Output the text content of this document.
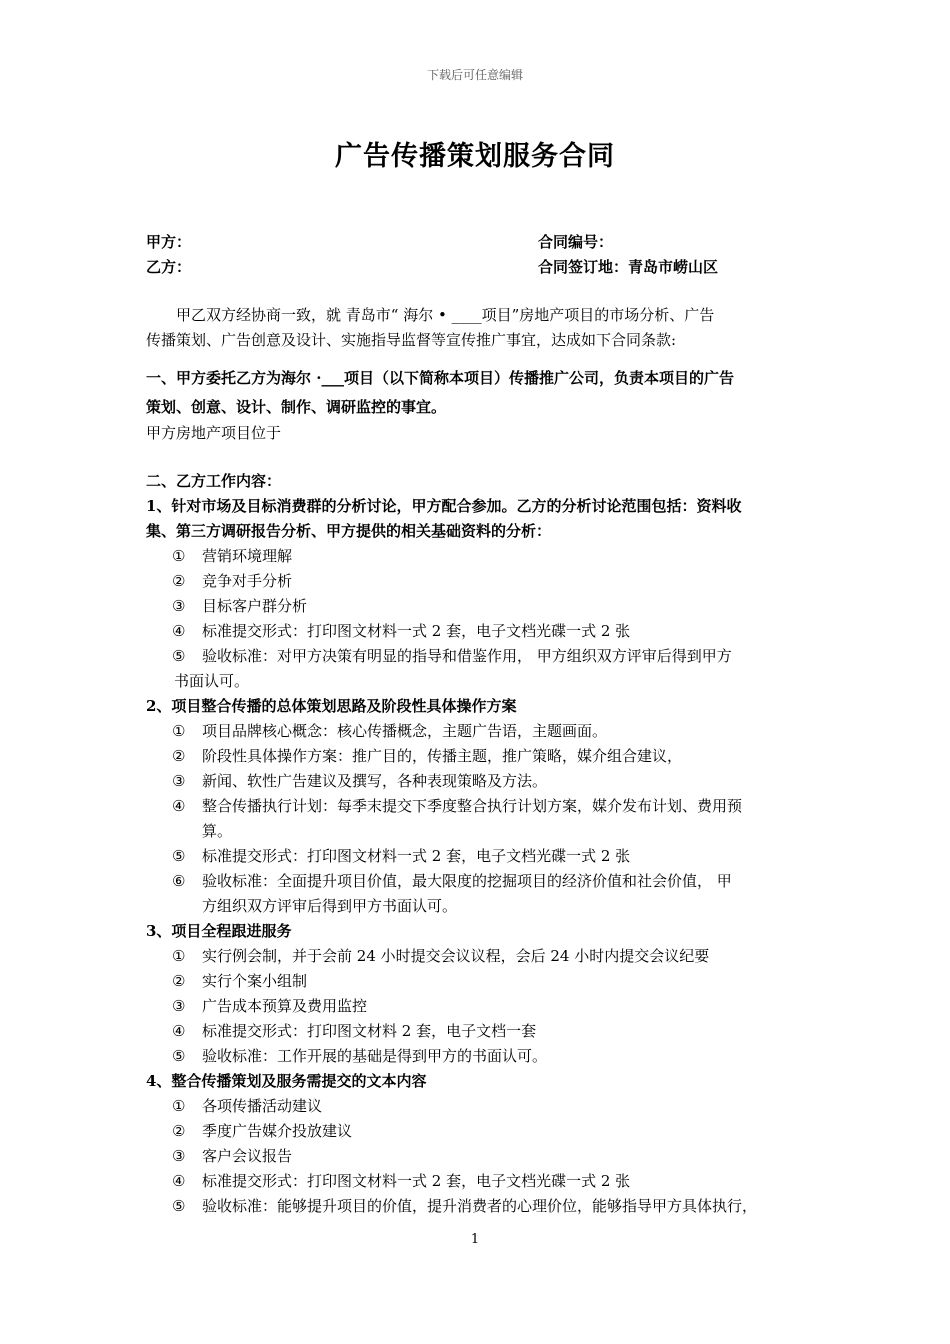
下载后可任意编辑
广告传播策划服务合同
甲方：	合同编号：
乙方：	合同签订地：青岛市崂山区
甲乙双方经协商一致，就 青岛市“ 海尔 • ____项目”房地产项目的市场分析、广告
传播策划、广告创意及设计、实施指导监督等宣传推广事宜，达成如下合同条款:
一、甲方委托乙方为海尔 ·___项目（以下简称本项目）传播推广公司，负责本项目的广告
策划、创意、设计、制作、调研监控的事宜。
甲方房地产项目位于
二、乙方工作内容：
1、针对市场及目标消费群的分析讨论，甲方配合参加。乙方的分析讨论范围包括：资料收
集、第三方调研报告分析、甲方提供的相关基础资料的分析：
① 营销环境理解
② 竞争对手分析
③ 目标客户群分析
④ 标准提交形式：打印图文材料一式 2 套，电子文档光碟一式 2 张
⑤ 验收标准：对甲方决策有明显的指导和借鉴作用， 甲方组织双方评审后得到甲方
书面认可。
2、项目整合传播的总体策划思路及阶段性具体操作方案
① 项目品牌核心概念：核心传播概念，主题广告语，主题画面。
② 阶段性具体操作方案：推广目的，传播主题，推广策略，媒介组合建议，
③ 新闻、软性广告建议及撰写，各种表现策略及方法。
④ 整合传播执行计划：每季末提交下季度整合执行计划方案，媒介发布计划、费用预
算。
⑤ 标准提交形式：打印图文材料一式 2 套，电子文档光碟一式 2 张
⑥ 验收标准：全面提升项目价值，最大限度的挖掘项目的经济价值和社会价值， 甲
方组织双方评审后得到甲方书面认可。
3、项目全程跟进服务
① 实行例会制，并于会前 24 小时提交会议议程，会后 24 小时内提交会议纪要
② 实行个案小组制
③ 广告成本预算及费用监控
④ 标准提交形式：打印图文材料 2 套，电子文档一套
⑤ 验收标准：工作开展的基础是得到甲方的书面认可。
4、整合传播策划及服务需提交的文本内容
① 各项传播活动建议
② 季度广告媒介投放建议
③ 客户会议报告
④ 标准提交形式：打印图文材料一式 2 套，电子文档光碟一式 2 张
⑤ 验收标准：能够提升项目的价值，提升消费者的心理价位，能够指导甲方具体执行，
1
